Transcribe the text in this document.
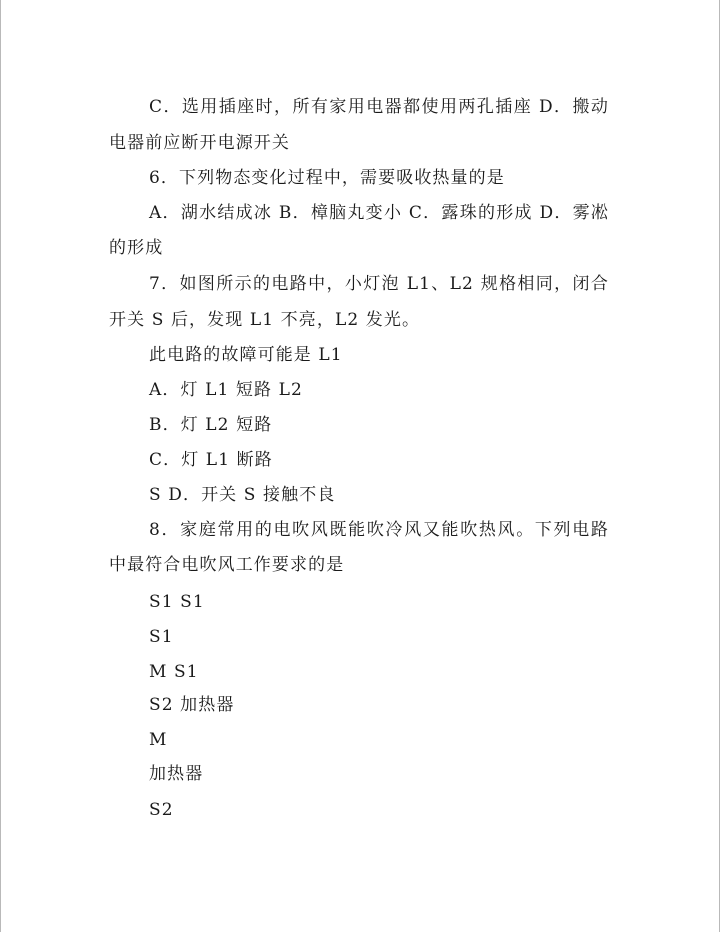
C．选用插座时，所有家用电器都使用两孔插座 D．搬动
电器前应断开电源开关
6．下列物态变化过程中，需要吸收热量的是
A．湖水结成冰 B．樟脑丸变小 C．露珠的形成 D．雾凇
的形成
7．如图所示的电路中，小灯泡 L1、L2 规格相同，闭合
开关 S 后，发现 L1 不亮，L2 发光。
此电路的故障可能是 L1
A．灯 L1 短路 L2
B．灯 L2 短路
C．灯 L1 断路
S D．开关 S 接触不良
8．家庭常用的电吹风既能吹冷风又能吹热风。下列电路
中最符合电吹风工作要求的是
S1 S1
S1
M S1
S2 加热器
M
加热器
S2
